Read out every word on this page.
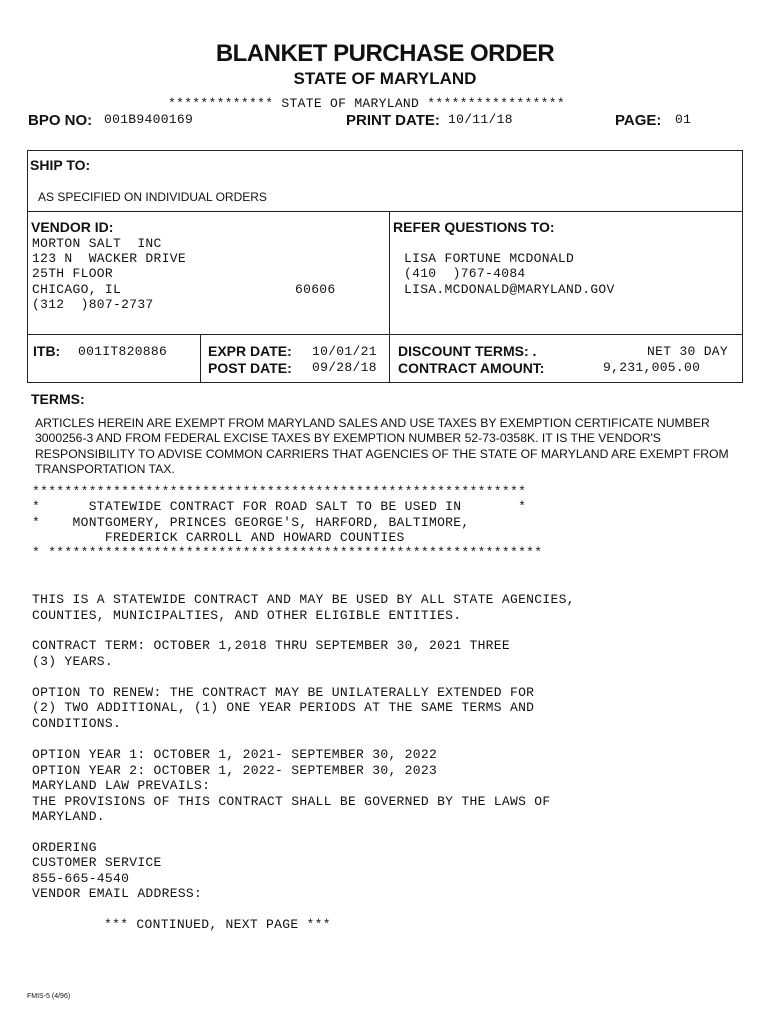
BLANKET PURCHASE ORDER
STATE OF MARYLAND
************* STATE OF MARYLAND *****************
BPO NO: 001B9400169	PRINT DATE: 10/11/18	PAGE: 01
SHIP TO:
AS SPECIFIED ON INDIVIDUAL ORDERS
VENDOR ID:
MORTON SALT  INC
123 N  WACKER DRIVE
25TH FLOOR
CHICAGO, IL	60606
(312  )807-2737
REFER QUESTIONS TO:
LISA FORTUNE MCDONALD
(410  )767-4084
LISA.MCDONALD@MARYLAND.GOV
ITB: 001IT820886	EXPR DATE: 10/01/21
POST DATE: 09/28/18
DISCOUNT TERMS: .	NET 30 DAY
CONTRACT AMOUNT:	9,231,005.00
TERMS:
ARTICLES HEREIN ARE EXEMPT FROM MARYLAND SALES AND USE TAXES BY EXEMPTION CERTIFICATE NUMBER 3000256-3 AND FROM FEDERAL EXCISE TAXES BY EXEMPTION NUMBER 52-73-0358K. IT IS THE VENDOR'S RESPONSIBILITY TO ADVISE COMMON CARRIERS THAT AGENCIES OF THE STATE OF MARYLAND ARE EXEMPT FROM TRANSPORTATION TAX.
*************************************************************
*      STATEWIDE CONTRACT FOR ROAD SALT TO BE USED IN       *
*    MONTGOMERY, PRINCES GEORGE'S, HARFORD, BALTIMORE,
FREDERICK CARROLL AND HOWARD COUNTIES
* *************************************************************
THIS IS A STATEWIDE CONTRACT AND MAY BE USED BY ALL STATE AGENCIES,
COUNTIES, MUNICIPALTIES, AND OTHER ELIGIBLE ENTITIES.
CONTRACT TERM: OCTOBER 1,2018 THRU SEPTEMBER 30, 2021 THREE
(3) YEARS.
OPTION TO RENEW: THE CONTRACT MAY BE UNILATERALLY EXTENDED FOR
(2) TWO ADDITIONAL, (1) ONE YEAR PERIODS AT THE SAME TERMS AND
CONDITIONS.
OPTION YEAR 1: OCTOBER 1, 2021- SEPTEMBER 30, 2022
OPTION YEAR 2: OCTOBER 1, 2022- SEPTEMBER 30, 2023
MARYLAND LAW PREVAILS:
THE PROVISIONS OF THIS CONTRACT SHALL BE GOVERNED BY THE LAWS OF
MARYLAND.
ORDERING
CUSTOMER SERVICE
855-665-4540
VENDOR EMAIL ADDRESS:
*** CONTINUED, NEXT PAGE ***
FMIS-5 (4/96)
